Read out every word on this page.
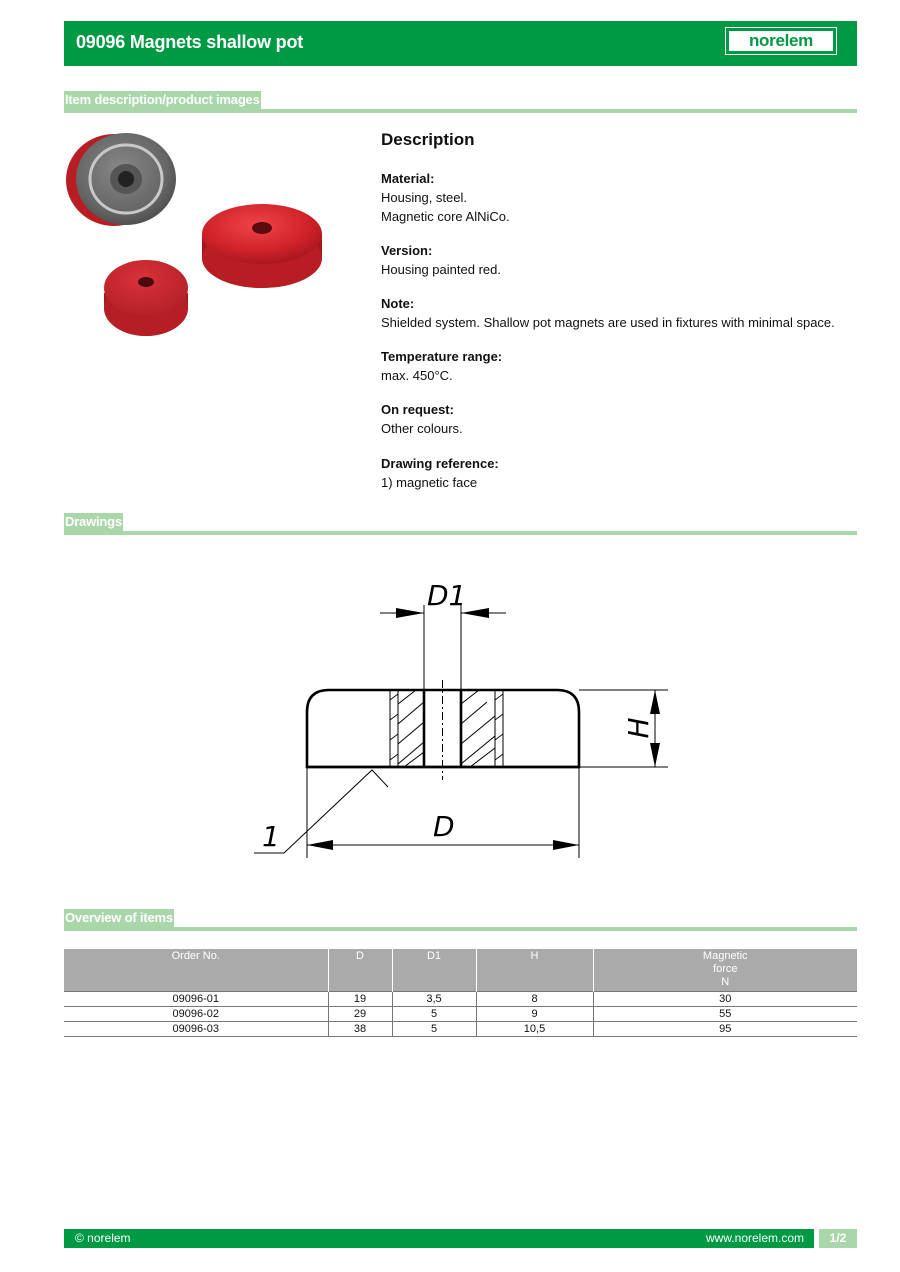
09096 Magnets shallow pot	norelem
Item description/product images
Description
Material:
Housing, steel.
Magnetic core AlNiCo.
Version:
Housing painted red.
Note:
Shielded system. Shallow pot magnets are used in fixtures with minimal space.
Temperature range:
max. 450°C.
On request:
Other colours.
Drawing reference:
1) magnetic face
Drawings
D1
H
D
1
Overview of items
Order No.	D	D1	H	Magnetic
force
N

09096-01	19	3,5	8	30
09096-02	29	5	9	55
09096-03	38	5	10,5	95
© norelem	www.norelem.com	1/2
